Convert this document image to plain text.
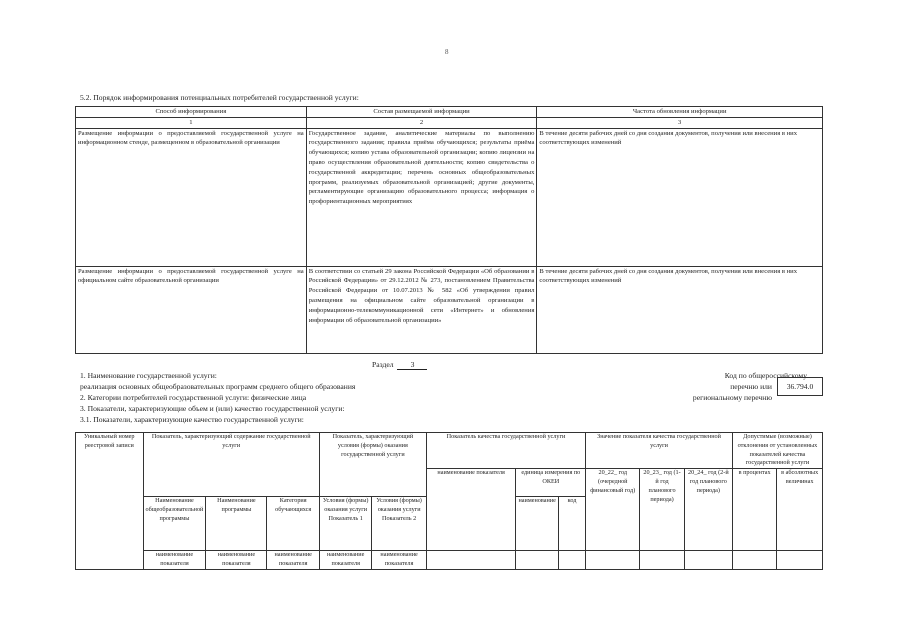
8
5.2. Порядок информирования потенциальных потребителей государственной услуги:
Способ информирования	Состав размещаемой информации	Частота обновления информации
1	2	3
Размещение информации о предоставляемой государственной услуге на информационном стенде, размещенном в образовательной организации	Государственное задание, аналитические материалы по выполнению государственного задания; правила приёма обучающихся; результаты приёма обучающихся; копию устава образовательной организации; копию лицензии на право осуществления образовательной деятельности; копию свидетельства о государственной аккредитации; перечень основных общеобразовательных программ, реализуемых образовательной организацией; другие документы, регламентирующие организацию образовательного процесса; информация о профориентационных мероприятиях	В течение десяти рабочих дней со дня создания документов, получения или внесения в них соответствующих изменений
Размещение информации о предоставляемой государственной услуге на официальном сайте образовательной организации	В соответствии со статьей 29 закона Российской Федерации «Об образовании в Российской Федерации» от 29.12.2012 № 273, постановлением Правительства Российской Федерации от 10.07.2013 № 582 «Об утверждении правил размещения на официальном сайте образовательной организации в информационно-телекоммуникационной сети «Интернет» и обновления информации об образовательной организации»	В течение десяти рабочих дней со дня создания документов, получения или внесения в них соответствующих изменений
Раздел 3
1. Наименование государственной услуги:
реализация основных общеобразовательных программ среднего общего образования
2. Категории потребителей государственной услуги: физические лица
3. Показатели, характеризующие объем и (или) качество государственной услуги:
3.1. Показатели, характеризующие качество государственной услуги:
Код по общероссийскому
перечню или
региональному перечню
36.794.0
Уникальный номер реестровой записи	Показатель, характеризующий содержание государственной услуги			Показатель, характеризующий условия (формы) оказания государственной услуги		Показатель качества государственной услуги			Значение показателя качества государственной услуги			Допустимые (возможные) отклонения от установленных показателей качества государственной услуги	
						наименование показателя	единица измерения по ОКЕИ		20_22_ год (очередной финансовый год)	20_23_ год (1-й год планового периода)	20_24_ год (2-й год планового периода)	в процентах	в абсолютных величинах
	Наименование общеобразовательной программы	Наименование программы	Категория обучающихся	Условия (формы) оказания услуги Показатель 1	Условия (формы) оказания услуги Показатель 2		наименование	код					
	наименование показателя	наименование показателя	наименование показателя	наименование показателя	наименование показателя								
